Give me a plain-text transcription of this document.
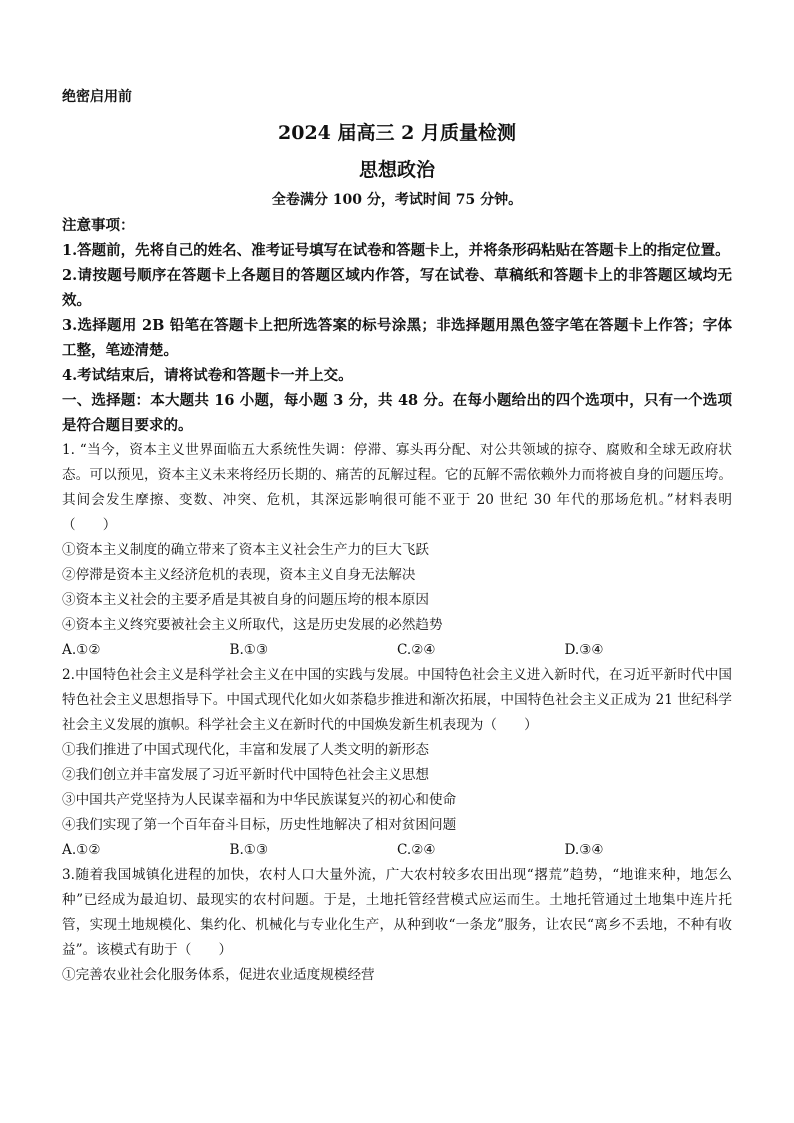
绝密启用前
2024 届高三 2 月质量检测
思想政治
全卷满分 100 分，考试时间 75 分钟。

注意事项：

1.答题前，先将自己的姓名、准考证号填写在试卷和答题卡上，并将条形码粘贴在答题卡上的指定位置。

2.请按题号顺序在答题卡上各题目的答题区域内作答，写在试卷、草稿纸和答题卡上的非答题区域均无效。

3.选择题用 2B 铅笔在答题卡上把所选答案的标号涂黑；非选择题用黑色签字笔在答题卡上作答；字体工整，笔迹清楚。

4.考试结束后，请将试卷和答题卡一并上交。

一、选择题：本大题共 16 小题，每小题 3 分，共 48 分。在每小题给出的四个选项中，只有一个选项是符合题目要求的。

1. “当今，资本主义世界面临五大系统性失调：停滞、寡头再分配、对公共领域的掠夺、腐败和全球无政府状态。可以预见，资本主义未来将经历长期的、痛苦的瓦解过程。它的瓦解不需依赖外力而将被自身的问题压垮。其间会发生摩擦、变数、冲突、危机，其深远影响很可能不亚于 20 世纪 30 年代的那场危机。”材料表明（　　）

①资本主义制度的确立带来了资本主义社会生产力的巨大飞跃

②停滞是资本主义经济危机的表现，资本主义自身无法解决

③资本主义社会的主要矛盾是其被自身的问题压垮的根本原因

④资本主义终究要被社会主义所取代，这是历史发展的必然趋势

A.①②	B.①③	C.②④	D.③④

2.中国特色社会主义是科学社会主义在中国的实践与发展。中国特色社会主义进入新时代，在习近平新时代中国特色社会主义思想指导下。中国式现代化如火如荼稳步推进和渐次拓展，中国特色社会主义正成为 21 世纪科学社会主义发展的旗帜。科学社会主义在新时代的中国焕发新生机表现为（　　）

①我们推进了中国式现代化，丰富和发展了人类文明的新形态

②我们创立并丰富发展了习近平新时代中国特色社会主义思想

③中国共产党坚持为人民谋幸福和为中华民族谋复兴的初心和使命

④我们实现了第一个百年奋斗目标，历史性地解决了相对贫困问题

A.①②	B.①③	C.②④	D.③④

3.随着我国城镇化进程的加快，农村人口大量外流，广大农村较多农田出现“撂荒”趋势，“地谁来种，地怎么种”已经成为最迫切、最现实的农村问题。于是，土地托管经营模式应运而生。土地托管通过土地集中连片托管，实现土地规模化、集约化、机械化与专业化生产，从种到收“一条龙”服务，让农民“离乡不丢地，不种有收益”。该模式有助于（　　）

①完善农业社会化服务体系，促进农业适度规模经营
